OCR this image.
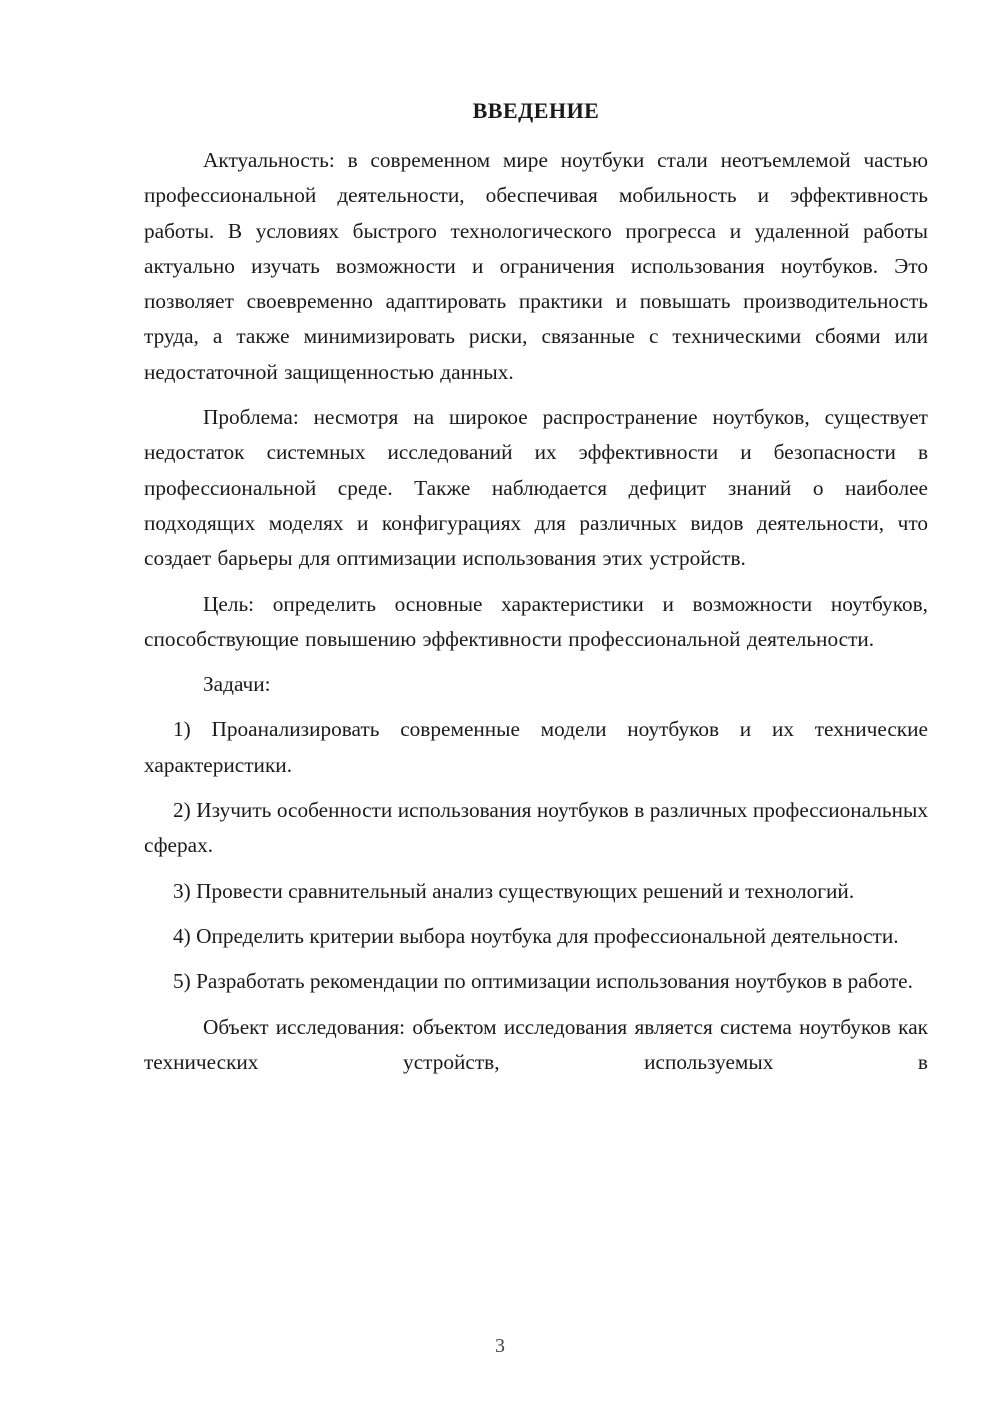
ВВЕДЕНИЕ

Актуальность: в современном мире ноутбуки стали неотъемлемой частью профессиональной деятельности, обеспечивая мобильность и эффективность работы. В условиях быстрого технологического прогресса и удаленной работы актуально изучать возможности и ограничения использования ноутбуков. Это позволяет своевременно адаптировать практики и повышать производительность труда, а также минимизировать риски, связанные с техническими сбоями или недостаточной защищенностью данных.

Проблема: несмотря на широкое распространение ноутбуков, существует недостаток системных исследований их эффективности и безопасности в профессиональной среде. Также наблюдается дефицит знаний о наиболее подходящих моделях и конфигурациях для различных видов деятельности, что создает барьеры для оптимизации использования этих устройств.

Цель: определить основные характеристики и возможности ноутбуков, способствующие повышению эффективности профессиональной деятельности.

Задачи:

1) Проанализировать современные модели ноутбуков и их технические характеристики.

2) Изучить особенности использования ноутбуков в различных профессиональных сферах.

3) Провести сравнительный анализ существующих решений и технологий.

4) Определить критерии выбора ноутбука для профессиональной деятельности.

5) Разработать рекомендации по оптимизации использования ноутбуков в работе.

Объект исследования: объектом исследования является система ноутбуков как технических устройств, используемых в

3
